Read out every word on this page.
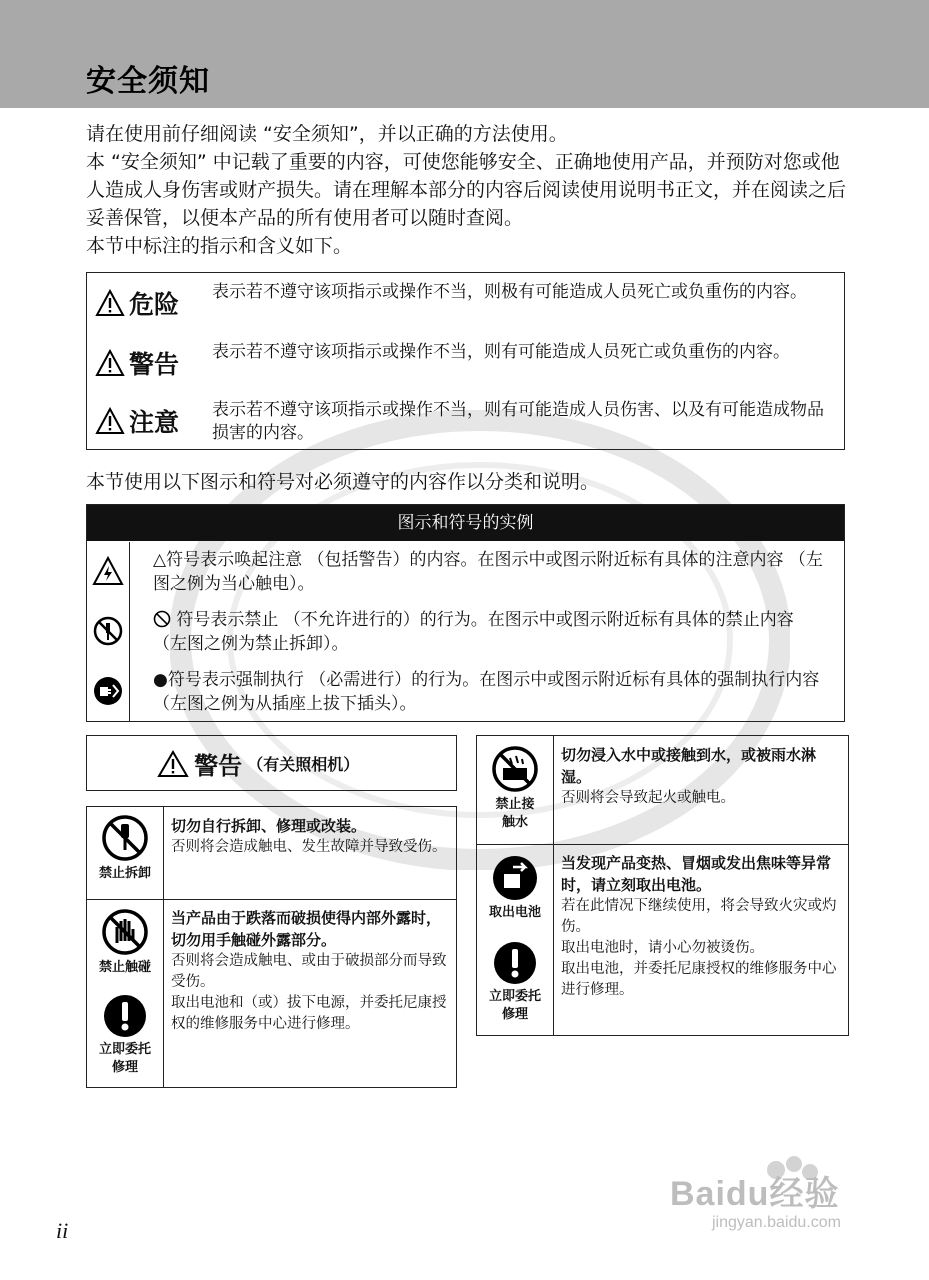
安全须知

请在使用前仔细阅读 “安全须知”，并以正确的方法使用。

本 “安全须知” 中记载了重要的内容，可使您能够安全、正确地使用产品，并预防对您或他人造成人身伤害或财产损失。请在理解本部分的内容后阅读使用说明书正文，并在阅读之后妥善保管，以便本产品的所有使用者可以随时查阅。

本节中标注的指示和含义如下。

危险 表示若不遵守该项指示或操作不当，则极有可能造成人员死亡或负重伤的内容。
警告 表示若不遵守该项指示或操作不当，则有可能造成人员死亡或负重伤的内容。
注意 表示若不遵守该项指示或操作不当，则有可能造成人员伤害、以及有可能造成物品损害的内容。
本节使用以下图示和符号对必须遵守的内容作以分类和说明。
图示和符号的实例
△符号表示唤起注意 （包括警告）的内容。在图示中或图示附近标有具体的注意内容 （左图之例为当心触电）。
符号表示禁止 （不允许进行的）的行为。在图示中或图示附近标有具体的禁止内容 （左图之例为禁止拆卸）。
●符号表示强制执行 （必需进行）的行为。在图示中或图示附近标有具体的强制执行内容 （左图之例为从插座上拔下插头）。
警告 （有关照相机）
禁止拆卸

切勿自行拆卸、修理或改装。

否则将会造成触电、发生故障并导致受伤。

禁止触碰
立即委托修理

当产品由于跌落而破损使得内部外露时，切勿用手触碰外露部分。

否则将会造成触电、或由于破损部分而导致受伤。

取出电池和（或）拔下电源，并委托尼康授权的维修服务中心进行修理。

禁止接触水

切勿浸入水中或接触到水，或被雨水淋湿。

否则将会导致起火或触电。

取出电池
立即委托修理

当发现产品变热、冒烟或发出焦味等异常时，请立刻取出电池。

若在此情况下继续使用，将会导致火灾或灼伤。

取出电池时，请小心勿被烫伤。

取出电池，并委托尼康授权的维修服务中心进行修理。

ii
Baidu经验
jingyan.baidu.com
